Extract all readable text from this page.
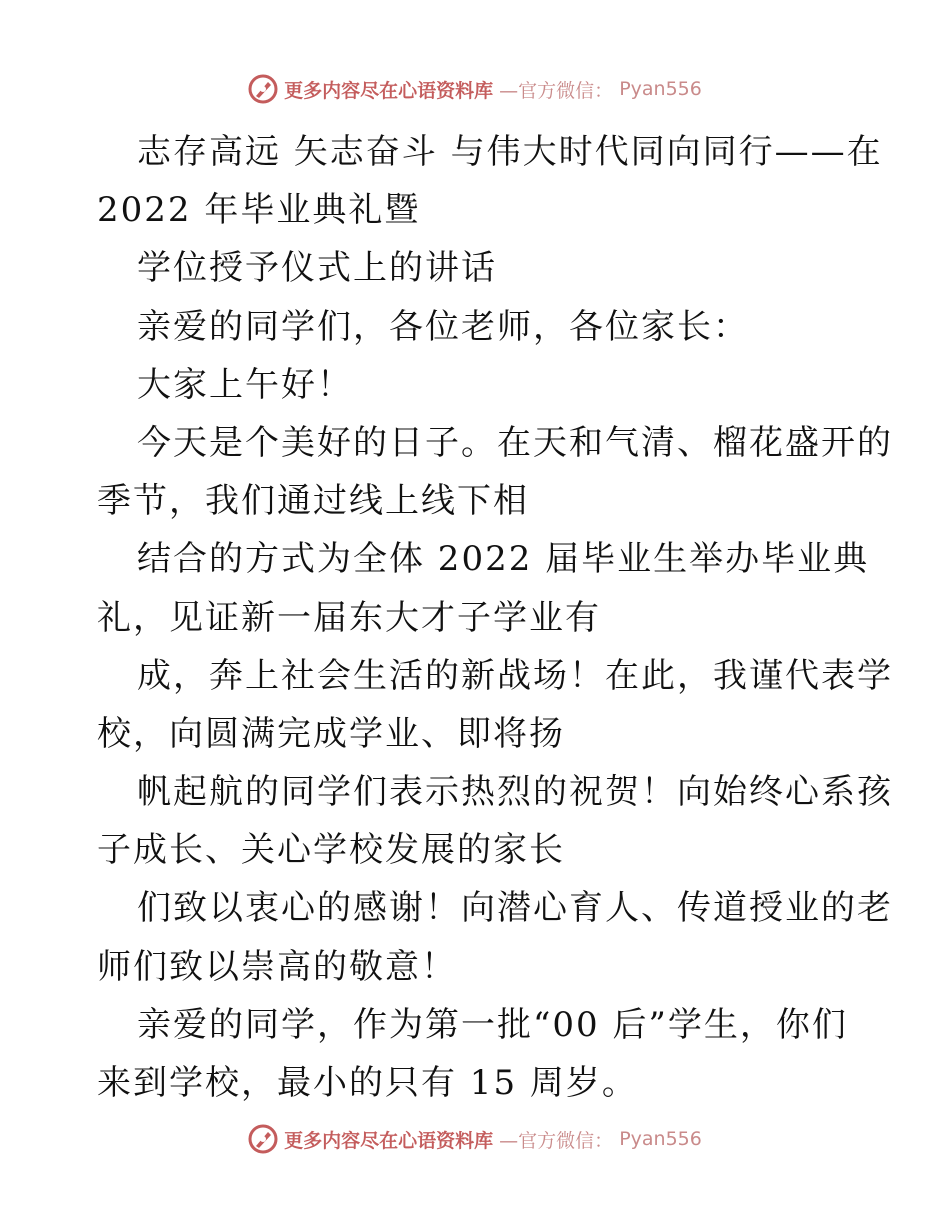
更多内容尽在心语资料库 —官方微信： Pyan556
志存高远 矢志奋斗 与伟大时代同向同行——在
2022 年毕业典礼暨
学位授予仪式上的讲话
亲爱的同学们，各位老师，各位家长：
大家上午好！
今天是个美好的日子。在天和气清、榴花盛开的
季节，我们通过线上线下相
结合的方式为全体 2022 届毕业生举办毕业典
礼，见证新一届东大才子学业有
成，奔上社会生活的新战场！在此，我谨代表学
校，向圆满完成学业、即将扬
帆起航的同学们表示热烈的祝贺！向始终心系孩
子成长、关心学校发展的家长
们致以衷心的感谢！向潜心育人、传道授业的老
师们致以崇高的敬意！
亲爱的同学，作为第一批“00 后”学生，你们
来到学校，最小的只有 15 周岁。
更多内容尽在心语资料库 —官方微信： Pyan556
